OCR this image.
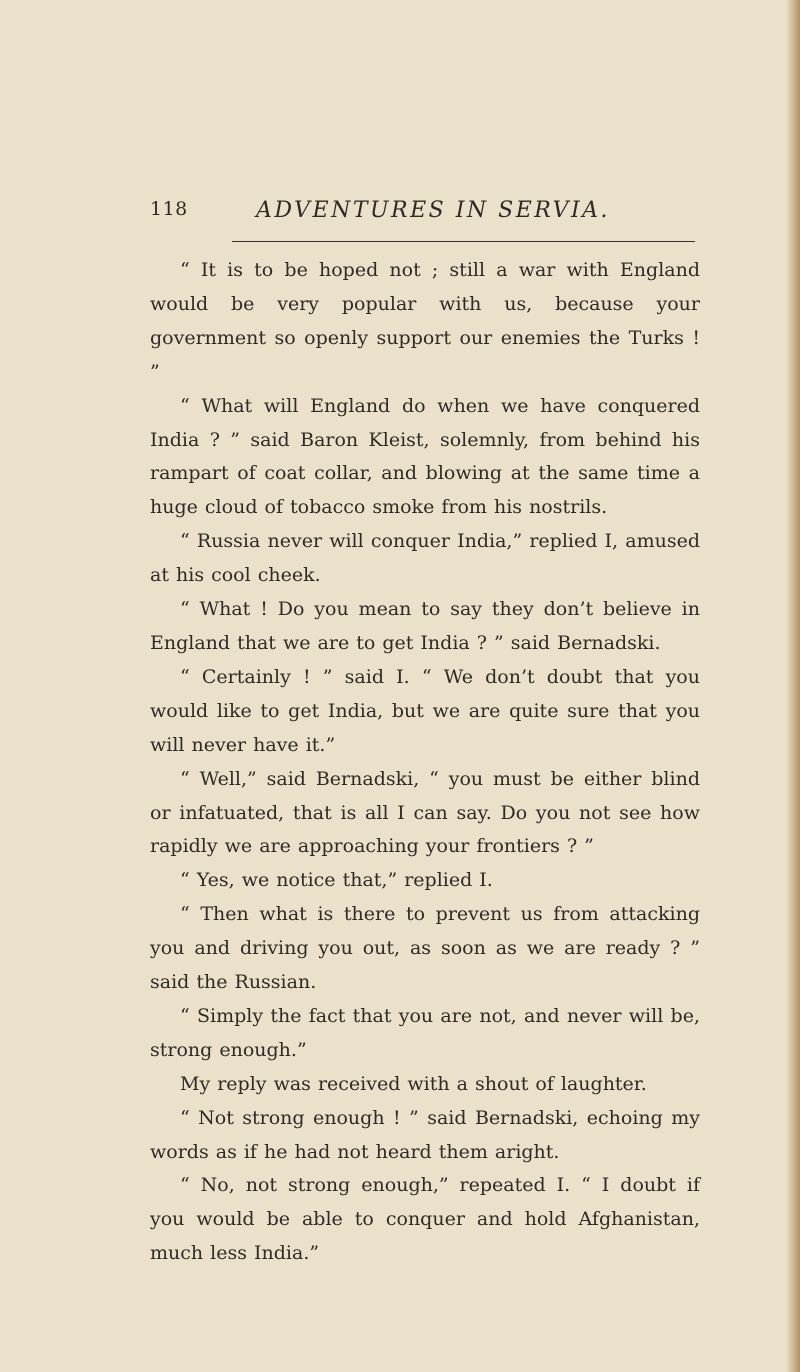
118	ADVENTURES IN SERVIA.

“ It is to be hoped not ; still a war with England would be very popular with us, because your government so openly support our enemies the Turks ! ”

“ What will England do when we have conquered India ? ” said Baron Kleist, solemnly, from behind his rampart of coat collar, and blowing at the same time a huge cloud of tobacco smoke from his nostrils.

“ Russia never will conquer India,” replied I, amused at his cool cheek.

“ What ! Do you mean to say they don’t believe in England that we are to get India ? ” said Bernadski.

“ Certainly ! ” said I. “ We don’t doubt that you would like to get India, but we are quite sure that you will never have it.”

“ Well,” said Bernadski, “ you must be either blind or infatuated, that is all I can say. Do you not see how rapidly we are approaching your frontiers ? ”

“ Yes, we notice that,” replied I.

“ Then what is there to prevent us from attacking you and driving you out, as soon as we are ready ? ” said the Russian.

“ Simply the fact that you are not, and never will be, strong enough.”

My reply was received with a shout of laughter.

“ Not strong enough ! ” said Bernadski, echoing my words as if he had not heard them aright.

“ No, not strong enough,” repeated I. “ I doubt if you would be able to conquer and hold Afghanistan, much less India.”
